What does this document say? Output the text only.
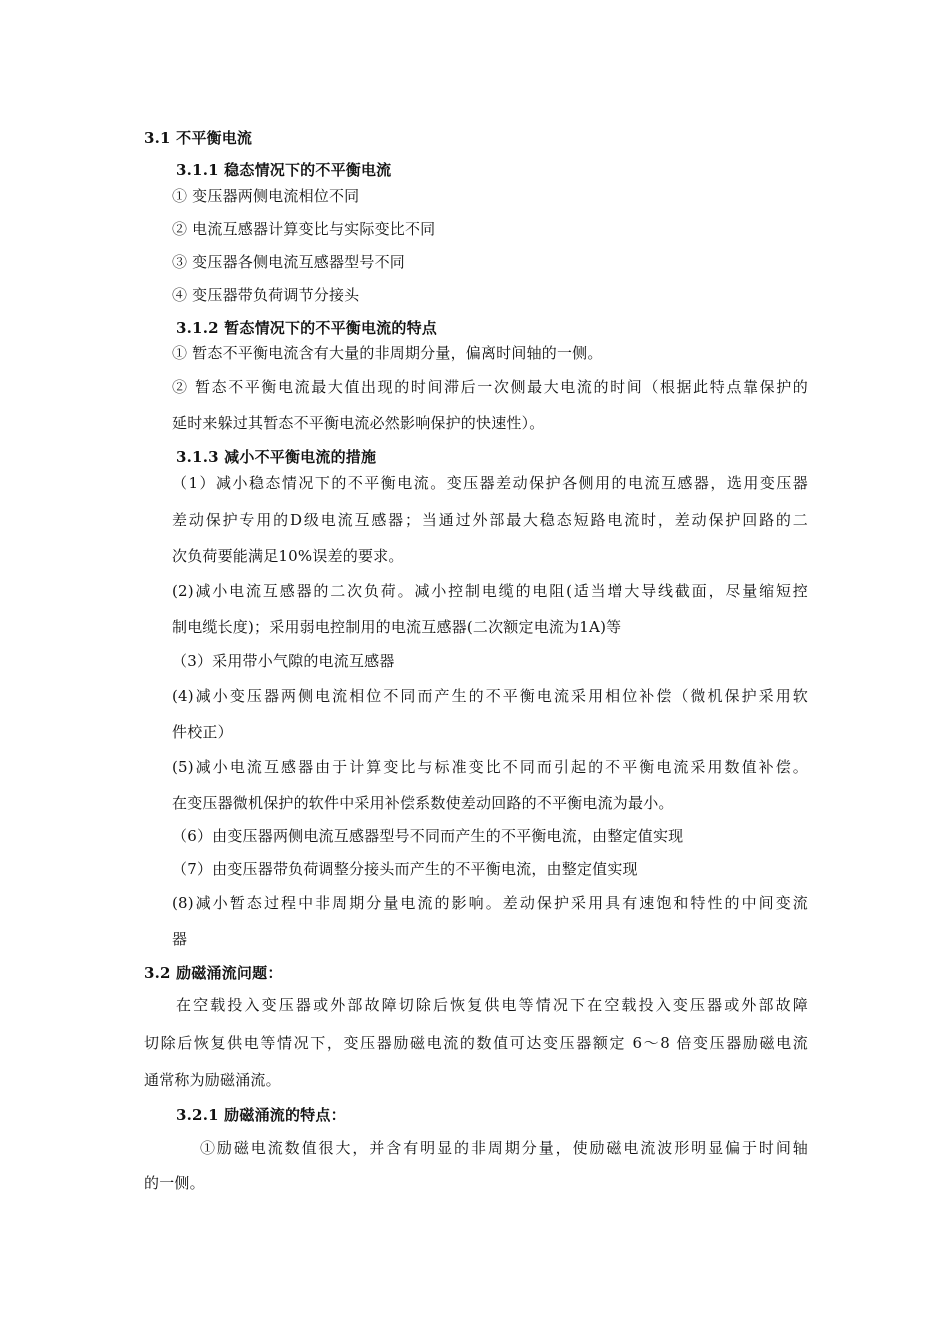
3.1 不平衡电流
3.1.1 稳态情况下的不平衡电流
① 变压器两侧电流相位不同
② 电流互感器计算变比与实际变比不同
③ 变压器各侧电流互感器型号不同
④ 变压器带负荷调节分接头
3.1.2 暂态情况下的不平衡电流的特点
① 暂态不平衡电流含有大量的非周期分量，偏离时间轴的一侧。
② 暂态不平衡电流最大值出现的时间滞后一次侧最大电流的时间（根据此特点靠保护的
延时来躲过其暂态不平衡电流必然影响保护的快速性）。
3.1.3 减小不平衡电流的措施
（1）减小稳态情况下的不平衡电流。变压器差动保护各侧用的电流互感器，选用变压器
差动保护专用的D级电流互感器；当通过外部最大稳态短路电流时，差动保护回路的二
次负荷要能满足10%误差的要求。
(2)减小电流互感器的二次负荷。减小控制电缆的电阻(适当增大导线截面，尽量缩短控
制电缆长度)；采用弱电控制用的电流互感器(二次额定电流为1A)等
（3）采用带小气隙的电流互感器
(4)减小变压器两侧电流相位不同而产生的不平衡电流采用相位补偿（微机保护采用软
件校正）
(5)减小电流互感器由于计算变比与标准变比不同而引起的不平衡电流采用数值补偿。
在变压器微机保护的软件中采用补偿系数使差动回路的不平衡电流为最小。
（6）由变压器两侧电流互感器型号不同而产生的不平衡电流，由整定值实现
（7）由变压器带负荷调整分接头而产生的不平衡电流，由整定值实现
(8)减小暂态过程中非周期分量电流的影响。差动保护采用具有速饱和特性的中间变流
器
3.2 励磁涌流问题：
在空载投入变压器或外部故障切除后恢复供电等情况下在空载投入变压器或外部故障
切除后恢复供电等情况下，变压器励磁电流的数值可达变压器额定 6～8 倍变压器励磁电流
通常称为励磁涌流。
3.2.1 励磁涌流的特点：
①励磁电流数值很大，并含有明显的非周期分量，使励磁电流波形明显偏于时间轴
的一侧。
